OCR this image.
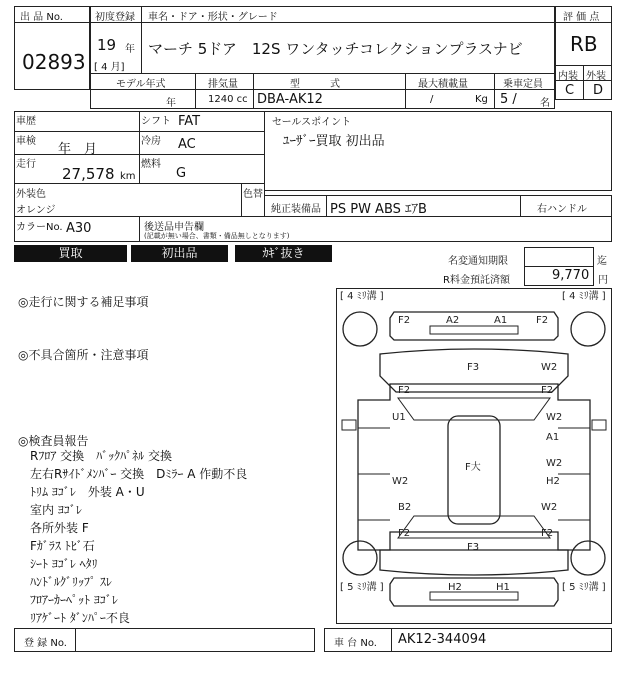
出 品 No.
02893
初度登録
19 年
[ 4 月]
車名・ドア・形状・グレード
マーチ 5ドア　12S ワンタッチコレクションプラスナビ
評 価 点
RB
内装 外装
C D
モデル年式	排気量	型　　　式	最大積載量	乗車定員
年	1240 cc DBA-AK12	/	Kg 5 / 名
車歴
車検
年　月
走行
27,578 km
シフト FAT
冷房 AC
燃料
G
セールスポイント
ﾕｰｻﾞｰ買取 初出品
外装色
オレンジ
色替
純正装備品 PS PW ABS ｴｱB	右ハンドル
カラーNo. A30	後送品申告欄
(記載が無い場合、書類・備品無しとなります)
買取	初出品	ｶｷﾞ抜き
名変通知期限	迄
R料金預託済額	9,770 円
◎走行に関する補足事項
◎不具合箇所・注意事項
◎検査員報告
Rﾌﾛｱ 交換　ﾊﾞｯｸﾊﾟﾈﾙ 交換
左右Rｻｲﾄﾞﾒﾝﾊﾞｰ 交換　Dﾐﾗｰ A 作動不良
ﾄﾘﾑ ﾖｺﾞﾚ　外装 A・U
室内 ﾖｺﾞﾚ
各所外装 F
Fｶﾞﾗｽ ﾄﾋﾞ石
ｼｰﾄ ﾖｺﾞﾚ ﾍﾀﾘ
ﾊﾝﾄﾞﾙｸﾞﾘｯﾌﾟ ｽﾚ
ﾌﾛｱｰｶｰﾍﾟｯﾄ ﾖｺﾞﾚ
ﾘｱｹﾞｰﾄ ﾀﾞﾝﾊﾟｰ不良
[ 4 ﾐﾘ溝 ]	[ 4 ﾐﾘ溝 ]
[ 5 ﾐﾘ溝 ]	[ 5 ﾐﾘ溝 ]
F2	A2	A1	F2
F3
F2
W2
F2
U1	W2
A1
F大
W2
W2
H2
B2
F2
W2
F2
F3
H2	H1
登 録 No.	車 台 No. AK12-344094
